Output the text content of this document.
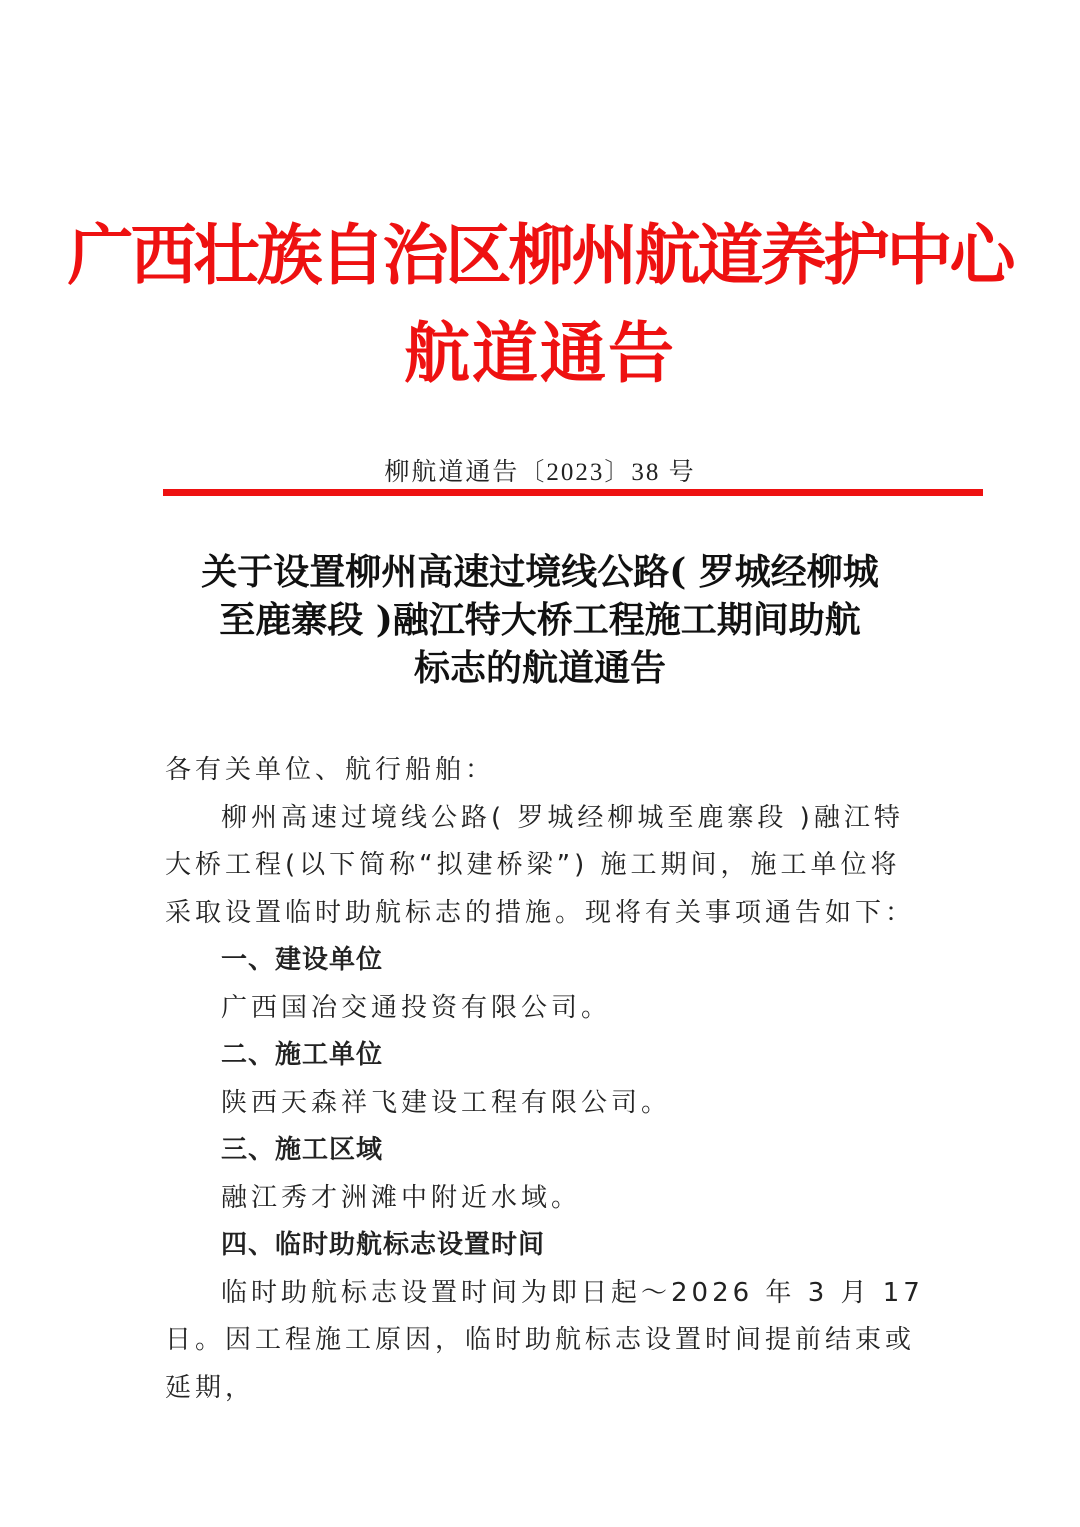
广西壮族自治区柳州航道养护中心
航道通告
柳航道通告〔2023〕38 号
关于设置柳州高速过境线公路( 罗城经柳城
至鹿寨段 )融江特大桥工程施工期间助航
标志的航道通告

各有关单位、航行船舶：

柳州高速过境线公路( 罗城经柳城至鹿寨段 )融江特大桥工程(以下简称“拟建桥梁”) 施工期间，施工单位将采取设置临时助航标志的措施。现将有关事项通告如下：

一、建设单位

广西国冶交通投资有限公司。

二、施工单位

陕西天森祥飞建设工程有限公司。

三、施工区域

融江秀才洲滩中附近水域。

四、临时助航标志设置时间

临时助航标志设置时间为即日起～2026 年 3 月 17 日。因工程施工原因，临时助航标志设置时间提前结束或延期，
